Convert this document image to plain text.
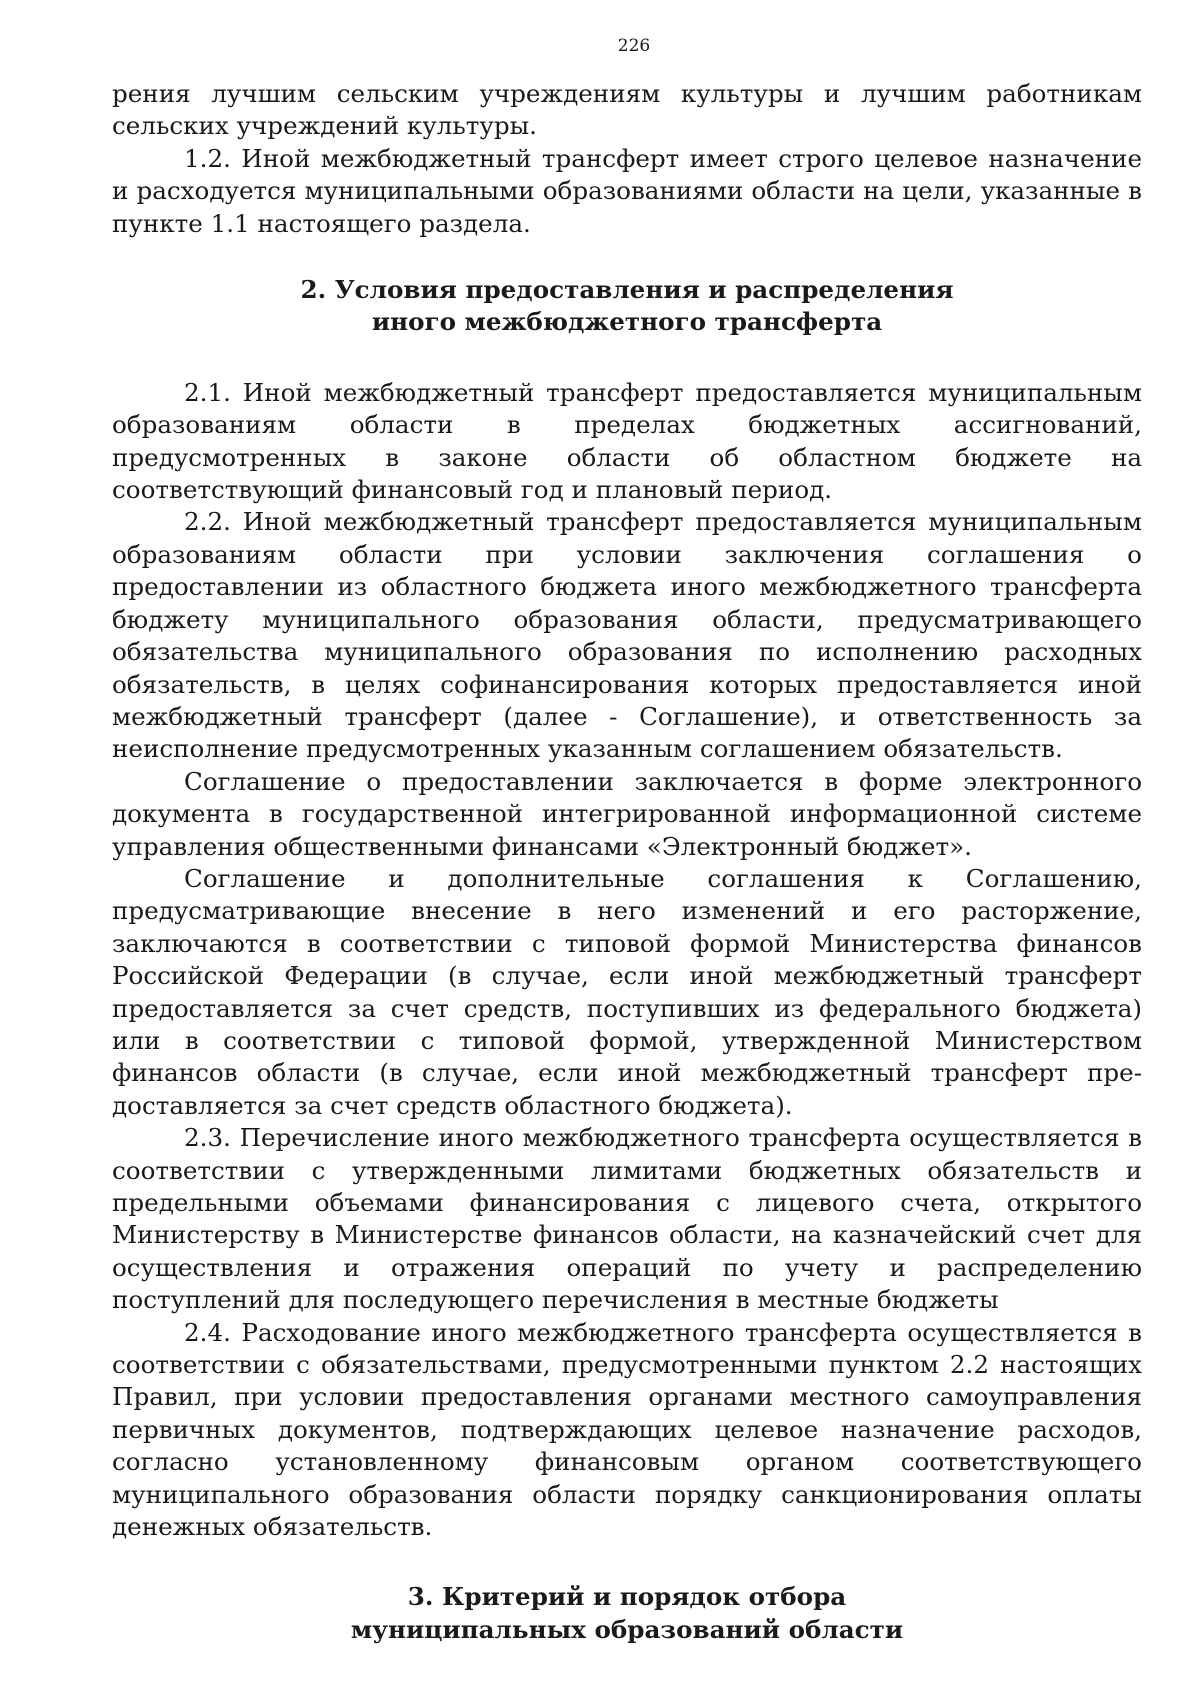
226

рения лучшим сельским учреждениям культуры и лучшим работникам сельских учреждений культуры.

1.2. Иной межбюджетный трансферт имеет строго целевое назначение и расходуется муниципальными образованиями области на цели, указанные в пункте 1.1 настоящего раздела.

2. Условия предоставления и распределения
иного межбюджетного трансферта

2.1. Иной межбюджетный трансферт предоставляется муниципальным образованиям области в пределах бюджетных ассигнований, предусмотренных в законе области об областном бюджете на соответствующий финансовый год и плановый период.

2.2. Иной межбюджетный трансферт предоставляется муниципальным образованиям области при условии заключения соглашения о предоставлении из областного бюджета иного межбюджетного трансферта бюджету муниципального образования области, предусматривающего обязательства муниципального образования по исполнению расходных обязательств, в целях софинансирования которых предоставляется иной межбюджетный трансферт (далее - Соглашение), и ответственность за неисполнение предусмотренных указанным соглашением обязательств.

Соглашение о предоставлении заключается в форме электронного документа в государственной интегрированной информационной системе управления общественными финансами «Электронный бюджет».

Соглашение и дополнительные соглашения к Соглашению, предусматривающие внесение в него изменений и его расторжение, заключаются в соответствии с типовой формой Министерства финансов Российской Федерации (в случае, если иной межбюджетный трансферт предоставляется за счет средств, поступивших из федерального бюджета) или в соответствии с типовой формой, утвержденной Министерством финансов области (в случае, если иной межбюджетный трансферт предоставляется за счет средств областного бюджета).

2.3. Перечисление иного межбюджетного трансферта осуществляется в соответствии с утвержденными лимитами бюджетных обязательств и предельными объемами финансирования с лицевого счета, открытого Министерству в Министерстве финансов области, на казначейский счет для осуществления и отражения операций по учету и распределению поступлений для последующего перечисления в местные бюджеты

2.4. Расходование иного межбюджетного трансферта осуществляется в соответствии с обязательствами, предусмотренными пунктом 2.2 настоящих Правил, при условии предоставления органами местного самоуправления первичных документов, подтверждающих целевое назначение расходов, согласно установленному финансовым органом соответствующего муниципального образования области порядку санкционирования оплаты денежных обязательств.

3. Критерий и порядок отбора
муниципальных образований области
